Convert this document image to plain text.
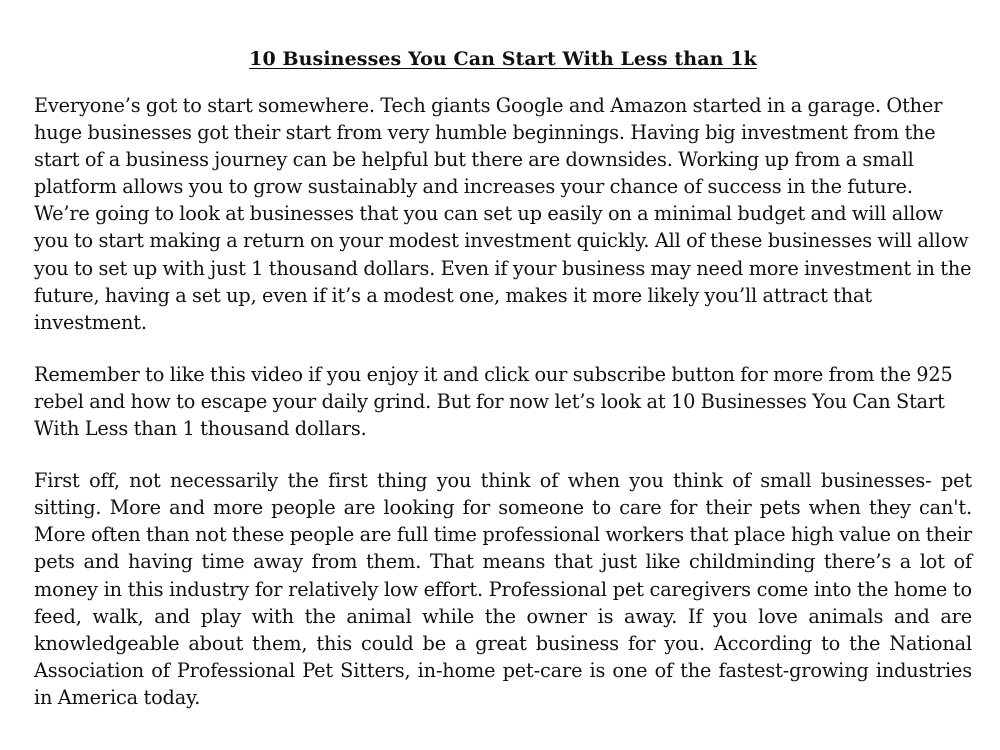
10 Businesses You Can Start With Less than 1k

Everyone’s got to start somewhere. Tech giants Google and Amazon started in a garage. Other huge businesses got their start from very humble beginnings. Having big investment from the start of a business journey can be helpful but there are downsides. Working up from a small platform allows you to grow sustainably and increases your chance of success in the future. We’re going to look at businesses that you can set up easily on a minimal budget and will allow you to start making a return on your modest investment quickly. All of these businesses will allow you to set up with just 1 thousand dollars. Even if your business may need more investment in the future, having a set up, even if it’s a modest one, makes it more likely you’ll attract that investment.

Remember to like this video if you enjoy it and click our subscribe button for more from the 925 rebel and how to escape your daily grind. But for now let’s look at 10 Businesses You Can Start With Less than 1 thousand dollars.

First off, not necessarily the first thing you think of when you think of small businesses- pet sitting. More and more people are looking for someone to care for their pets when they can't. More often than not these people are full time professional workers that place high value on their pets and having time away from them. That means that just like childminding there’s a lot of money in this industry for relatively low effort. Professional pet caregivers come into the home to feed, walk, and play with the animal while the owner is away. If you love animals and are knowledgeable about them, this could be a great business for you. According to the National Association of Professional Pet Sitters, in-home pet-care is one of the fastest-growing industries in America today.
